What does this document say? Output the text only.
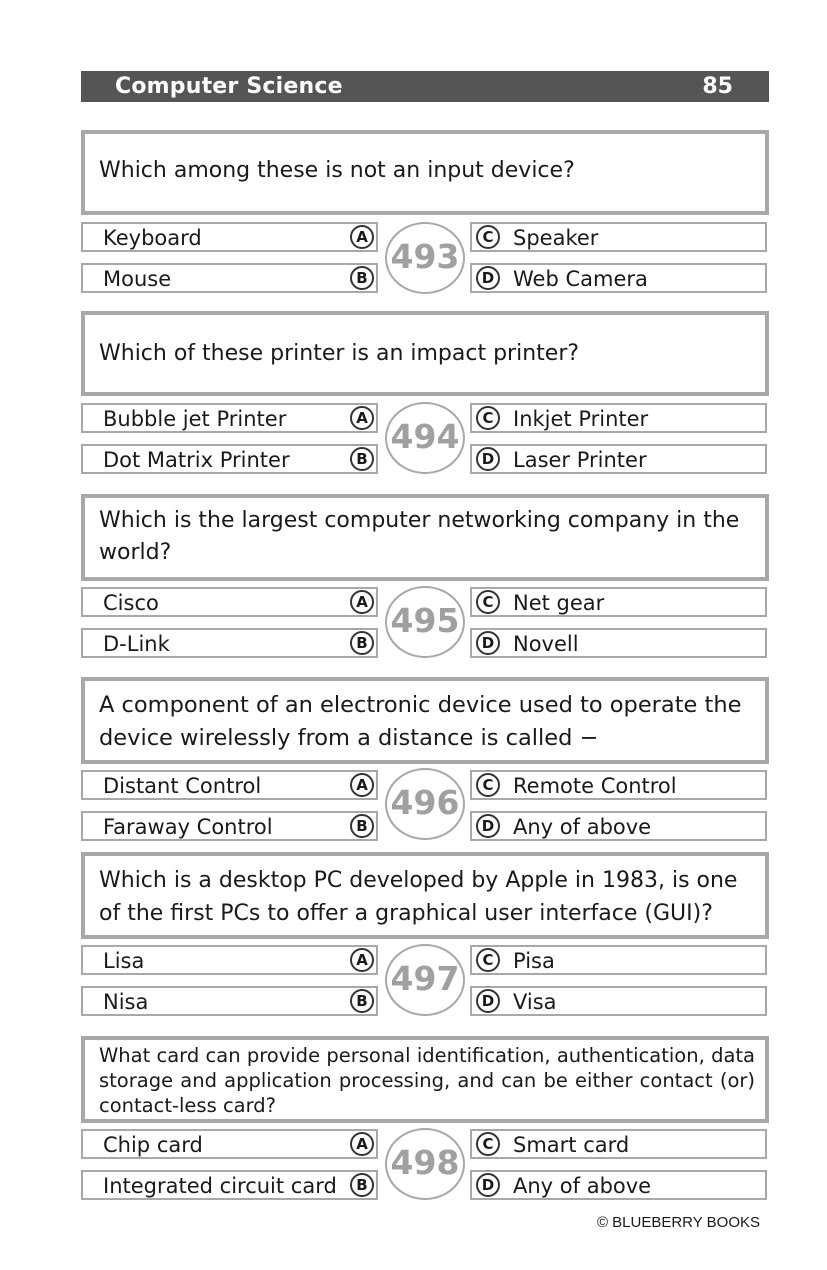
Computer Science	85
Which among these is not an input device?
A
Keyboard
B
Mouse
C Speaker
D Web Camera
493
Which of these printer is an impact printer?
A
Bubble jet Printer
B
Dot Matrix Printer
C Inkjet Printer
D Laser Printer
494
Which is the largest computer networking company in the world?
A
Cisco
B
D-Link
C Net gear
D Novell
495
A component of an electronic device used to operate the device wirelessly from a distance is called −
A
Distant Control
B
Faraway Control
C Remote Control
D Any of above
496
Which is a desktop PC developed by Apple in 1983, is one of the first PCs to offer a graphical user interface (GUI)?
A
Lisa
B
Nisa
C Pisa
D Visa
497
What card can provide personal identification, authentication, data storage and application processing, and can be either contact (or) contact-less card?
A
Chip card
B
Integrated circuit card
C Smart card
D Any of above
498
© BLUEBERRY BOOKS
